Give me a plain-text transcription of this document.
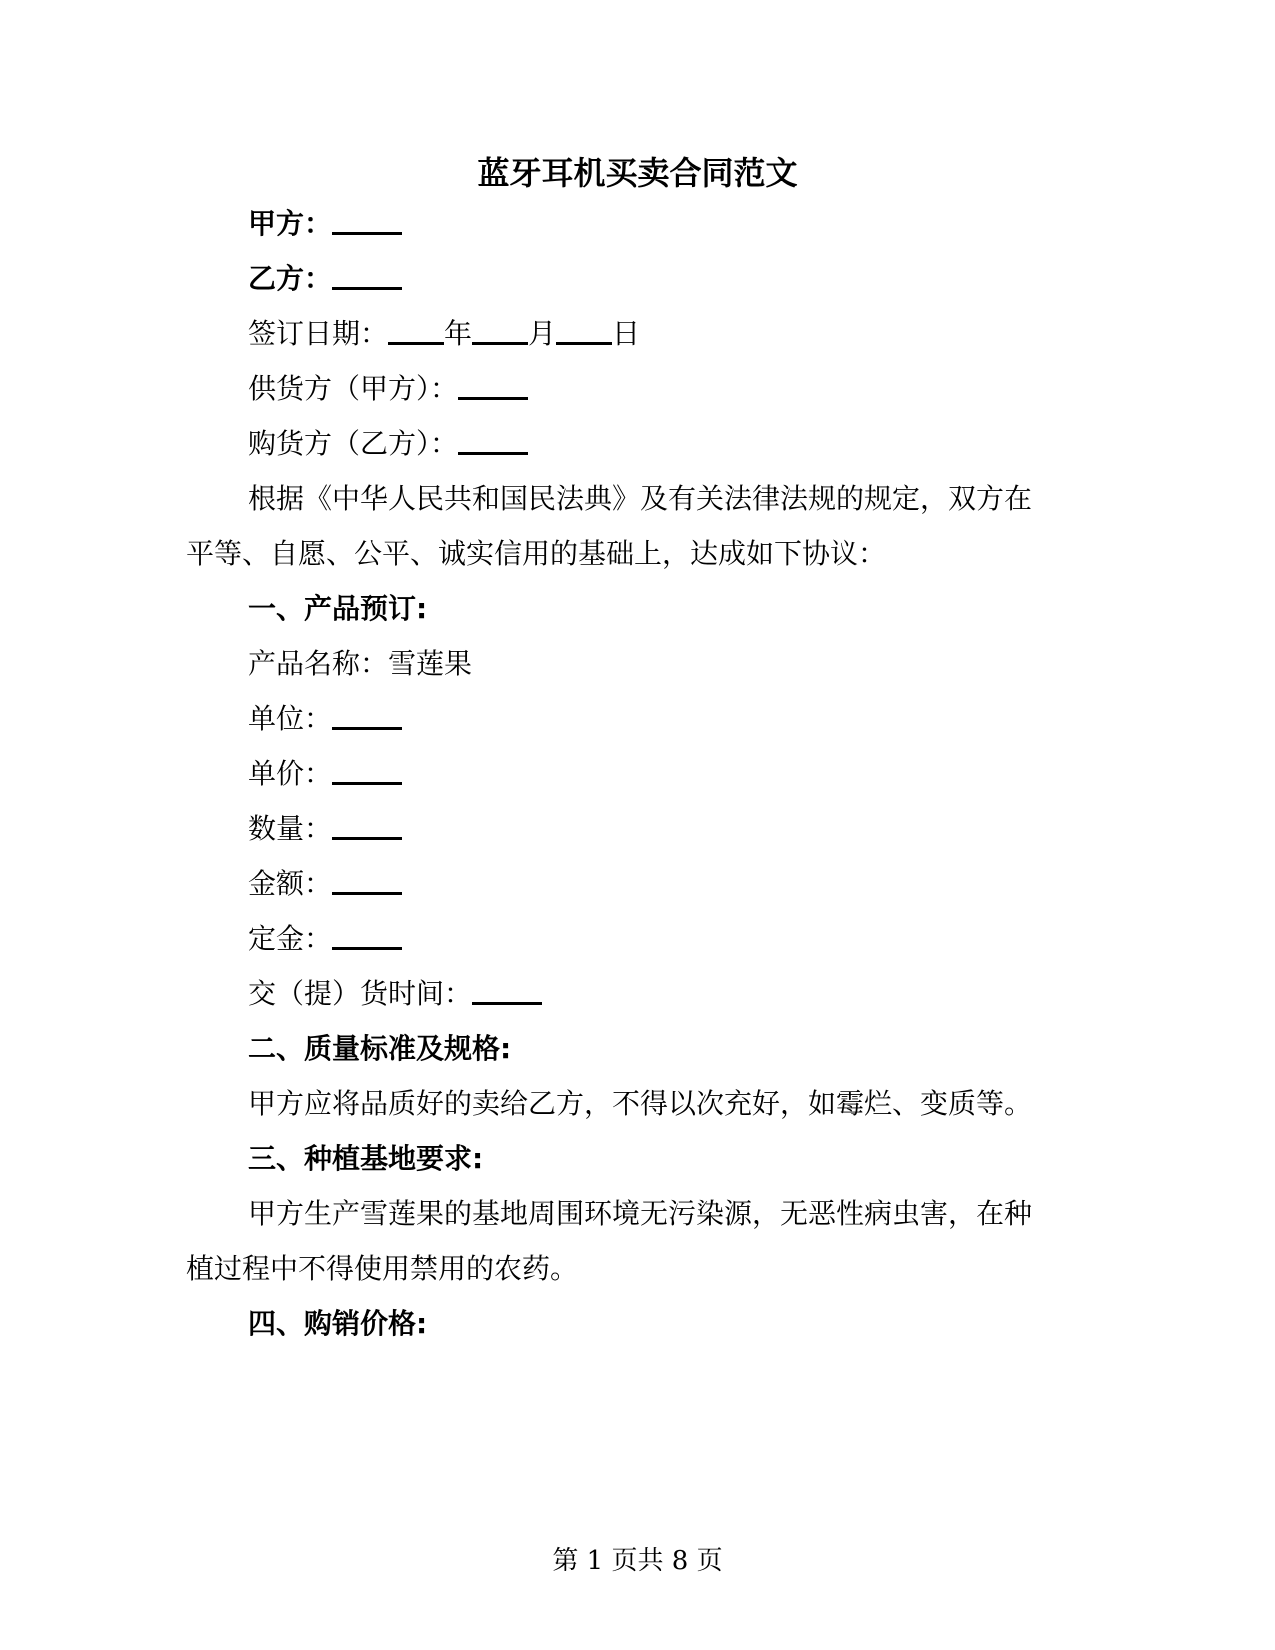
蓝牙耳机买卖合同范文
甲方：
乙方：
签订日期： 年 月 日
供货方（甲方）：
购货方（乙方）：
根据《中华人民共和国民法典》及有关法律法规的规定，双方在
平等、自愿、公平、诚实信用的基础上，达成如下协议：
一、产品预订:
产品名称：雪莲果
单位：
单价：
数量：
金额：
定金：
交（提）货时间：
二、质量标准及规格:
甲方应将品质好的卖给乙方，不得以次充好，如霉烂、变质等。
三、种植基地要求:
甲方生产雪莲果的基地周围环境无污染源，无恶性病虫害，在种
植过程中不得使用禁用的农药。
四、购销价格:
第 1 页共 8 页
